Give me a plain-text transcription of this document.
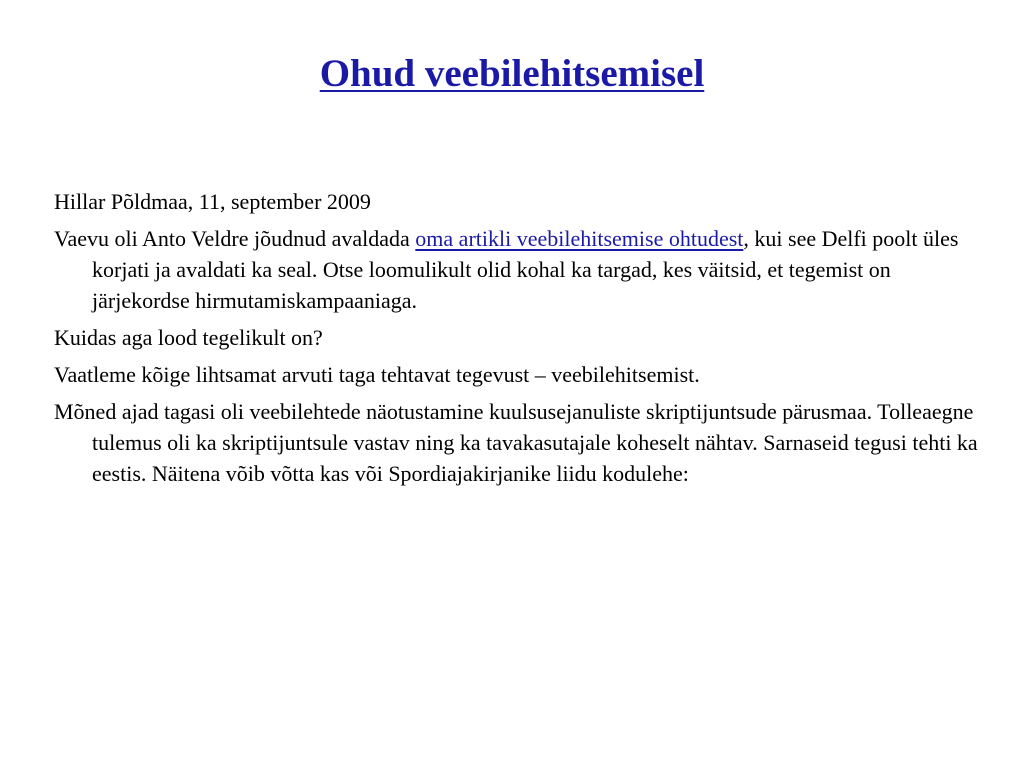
Ohud veebilehitsemisel

Hillar Põldmaa, 11, september 2009

Vaevu oli Anto Veldre jõudnud avaldada oma artikli veebilehitsemise ohtudest, kui see Delfi poolt üles korjati ja avaldati ka seal. Otse loomulikult olid kohal ka targad, kes väitsid, et tegemist on järjekordse hirmutamiskampaaniaga.

Kuidas aga lood tegelikult on?

Vaatleme kõige lihtsamat arvuti taga tehtavat tegevust – veebilehitsemist.

Mõned ajad tagasi oli veebilehtede näotustamine kuulsusejanuliste skriptijuntsude pärusmaa. Tolleaegne tulemus oli ka skriptijuntsule vastav ning ka tavakasutajale koheselt nähtav. Sarnaseid tegusi tehti ka eestis. Näitena võib võtta kas või Spordiajakirjanike liidu kodulehe:
